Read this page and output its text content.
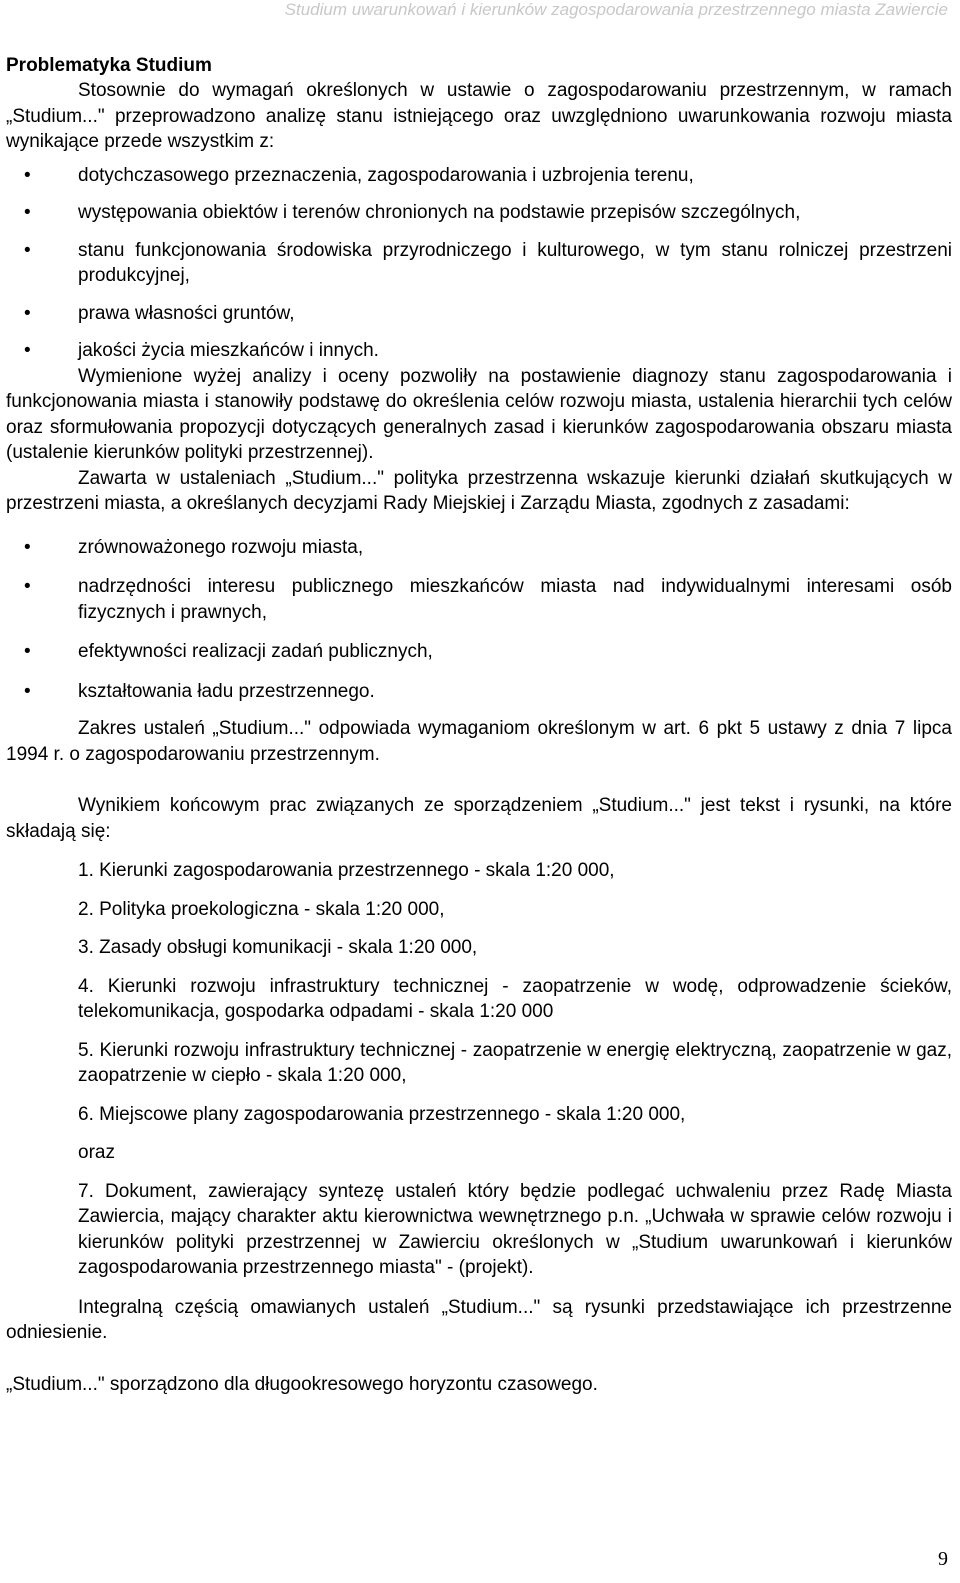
Studium uwarunkowań i kierunków zagospodarowania przestrzennego miasta Zawiercie

Problematyka Studium

Stosownie do wymagań określonych w ustawie o zagospodarowaniu przestrzennym, w ramach „Studium..." przeprowadzono analizę stanu istniejącego oraz uwzględniono uwarunkowania rozwoju miasta wynikające przede wszystkim z:

• dotychczasowego przeznaczenia, zagospodarowania i uzbrojenia terenu,
• występowania obiektów i terenów chronionych na podstawie przepisów szczególnych,
• stanu funkcjonowania środowiska przyrodniczego i kulturowego, w tym stanu rolniczej przestrzeni produkcyjnej,
• prawa własności gruntów,
• jakości życia mieszkańców i innych.

Wymienione wyżej analizy i oceny pozwoliły na postawienie diagnozy stanu zagospodarowania i funkcjonowania miasta i stanowiły podstawę do określenia celów rozwoju miasta, ustalenia hierarchii tych celów oraz sformułowania propozycji dotyczących generalnych zasad i kierunków zagospodarowania obszaru miasta (ustalenie kierunków polityki przestrzennej).

Zawarta w ustaleniach „Studium..." polityka przestrzenna wskazuje kierunki działań skutkujących w przestrzeni miasta, a określanych decyzjami Rady Miejskiej i Zarządu Miasta, zgodnych z zasadami:

• zrównoważonego rozwoju miasta,
• nadrzędności interesu publicznego mieszkańców miasta nad indywidualnymi interesami osób fizycznych i prawnych,
• efektywności realizacji zadań publicznych,
• kształtowania ładu przestrzennego.

Zakres ustaleń „Studium..." odpowiada wymaganiom określonym w art. 6 pkt 5 ustawy z dnia 7 lipca 1994 r. o zagospodarowaniu przestrzennym.

Wynikiem końcowym prac związanych ze sporządzeniem „Studium..." jest tekst i rysunki, na które składają się:

1. Kierunki zagospodarowania przestrzennego - skala 1:20 000,
2. Polityka proekologiczna - skala 1:20 000,
3. Zasady obsługi komunikacji - skala 1:20 000,
4. Kierunki rozwoju infrastruktury technicznej - zaopatrzenie w wodę, odprowadzenie ścieków, telekomunikacja, gospodarka odpadami - skala 1:20 000
5. Kierunki rozwoju infrastruktury technicznej - zaopatrzenie w energię elektryczną, zaopatrzenie w gaz, zaopatrzenie w ciepło - skala 1:20 000,
6. Miejscowe plany zagospodarowania przestrzennego - skala 1:20 000,
oraz
7. Dokument, zawierający syntezę ustaleń który będzie podlegać uchwaleniu przez Radę Miasta Zawiercia, mający charakter aktu kierownictwa wewnętrznego p.n. „Uchwała w sprawie celów rozwoju i kierunków polityki przestrzennej w Zawierciu określonych w „Studium uwarunkowań i kierunków zagospodarowania przestrzennego miasta" - (projekt).

Integralną częścią omawianych ustaleń „Studium..." są rysunki przedstawiające ich przestrzenne odniesienie.

„Studium..." sporządzono dla długookresowego horyzontu czasowego.

9
